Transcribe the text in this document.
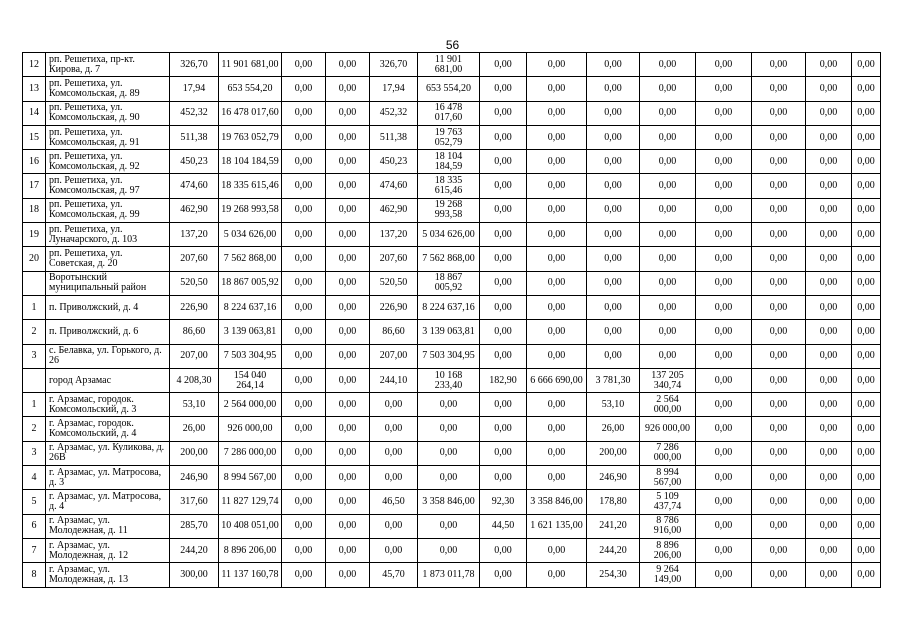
56
12	рп. Решетиха, пр-кт. Кирова, д. 7	326,70	11 901 681,00	0,00	0,00	326,70	11 901 681,00	0,00	0,00	0,00	0,00	0,00	0,00	0,00	0,00
13	рп. Решетиха, ул. Комсомольская, д. 89	17,94	653 554,20	0,00	0,00	17,94	653 554,20	0,00	0,00	0,00	0,00	0,00	0,00	0,00	0,00
14	рп. Решетиха, ул. Комсомольская, д. 90	452,32	16 478 017,60	0,00	0,00	452,32	16 478 017,60	0,00	0,00	0,00	0,00	0,00	0,00	0,00	0,00
15	рп. Решетиха, ул. Комсомольская, д. 91	511,38	19 763 052,79	0,00	0,00	511,38	19 763 052,79	0,00	0,00	0,00	0,00	0,00	0,00	0,00	0,00
16	рп. Решетиха, ул. Комсомольская, д. 92	450,23	18 104 184,59	0,00	0,00	450,23	18 104 184,59	0,00	0,00	0,00	0,00	0,00	0,00	0,00	0,00
17	рп. Решетиха, ул. Комсомольская, д. 97	474,60	18 335 615,46	0,00	0,00	474,60	18 335 615,46	0,00	0,00	0,00	0,00	0,00	0,00	0,00	0,00
18	рп. Решетиха, ул. Комсомольская, д. 99	462,90	19 268 993,58	0,00	0,00	462,90	19 268 993,58	0,00	0,00	0,00	0,00	0,00	0,00	0,00	0,00
19	рп. Решетиха, ул. Луначарского, д. 103	137,20	5 034 626,00	0,00	0,00	137,20	5 034 626,00	0,00	0,00	0,00	0,00	0,00	0,00	0,00	0,00
20	рп. Решетиха, ул. Советская, д. 20	207,60	7 562 868,00	0,00	0,00	207,60	7 562 868,00	0,00	0,00	0,00	0,00	0,00	0,00	0,00	0,00
	Воротынский муниципальный район	520,50	18 867 005,92	0,00	0,00	520,50	18 867 005,92	0,00	0,00	0,00	0,00	0,00	0,00	0,00	0,00
1	п. Приволжский, д. 4	226,90	8 224 637,16	0,00	0,00	226,90	8 224 637,16	0,00	0,00	0,00	0,00	0,00	0,00	0,00	0,00
2	п. Приволжский, д. 6	86,60	3 139 063,81	0,00	0,00	86,60	3 139 063,81	0,00	0,00	0,00	0,00	0,00	0,00	0,00	0,00
3	с. Белавка, ул. Горького, д. 26	207,00	7 503 304,95	0,00	0,00	207,00	7 503 304,95	0,00	0,00	0,00	0,00	0,00	0,00	0,00	0,00
	город Арзамас	4 208,30	154 040 264,14	0,00	0,00	244,10	10 168 233,40	182,90	6 666 690,00	3 781,30	137 205 340,74	0,00	0,00	0,00	0,00
1	г. Арзамас, городок. Комсомольский, д. 3	53,10	2 564 000,00	0,00	0,00	0,00	0,00	0,00	0,00	53,10	2 564 000,00	0,00	0,00	0,00	0,00
2	г. Арзамас, городок. Комсомольский, д. 4	26,00	926 000,00	0,00	0,00	0,00	0,00	0,00	0,00	26,00	926 000,00	0,00	0,00	0,00	0,00
3	г. Арзамас, ул. Куликова, д. 26В	200,00	7 286 000,00	0,00	0,00	0,00	0,00	0,00	0,00	200,00	7 286 000,00	0,00	0,00	0,00	0,00
4	г. Арзамас, ул. Матросова, д. 3	246,90	8 994 567,00	0,00	0,00	0,00	0,00	0,00	0,00	246,90	8 994 567,00	0,00	0,00	0,00	0,00
5	г. Арзамас, ул. Матросова, д. 4	317,60	11 827 129,74	0,00	0,00	46,50	3 358 846,00	92,30	3 358 846,00	178,80	5 109 437,74	0,00	0,00	0,00	0,00
6	г. Арзамас, ул. Молодежная, д. 11	285,70	10 408 051,00	0,00	0,00	0,00	0,00	44,50	1 621 135,00	241,20	8 786 916,00	0,00	0,00	0,00	0,00
7	г. Арзамас, ул. Молодежная, д. 12	244,20	8 896 206,00	0,00	0,00	0,00	0,00	0,00	0,00	244,20	8 896 206,00	0,00	0,00	0,00	0,00
8	г. Арзамас, ул. Молодежная, д. 13	300,00	11 137 160,78	0,00	0,00	45,70	1 873 011,78	0,00	0,00	254,30	9 264 149,00	0,00	0,00	0,00	0,00
